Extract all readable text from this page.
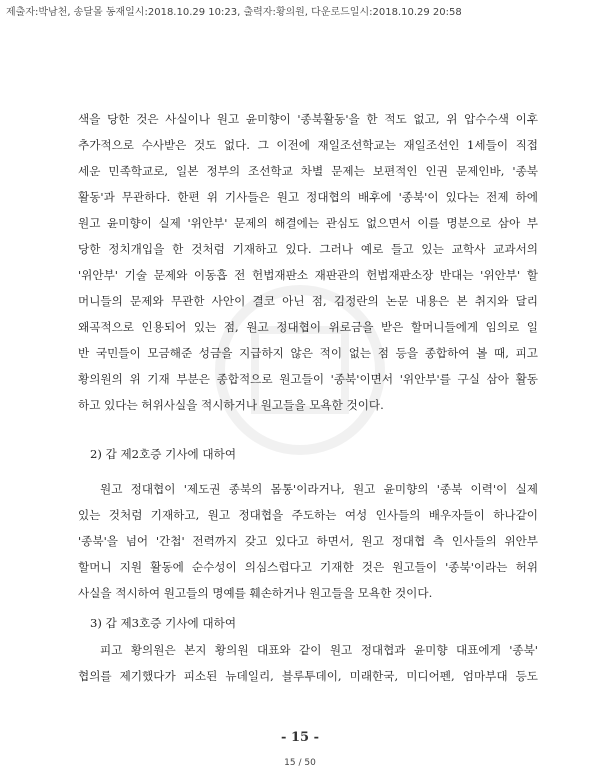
제출자:박남천, 송달몰 동재일시:2018.10.29 10:23, 출력자:황의원, 다운로드일시:2018.10.29 20:58
색을 당한 것은 사실이나 원고 윤미향이 '종북활동'을 한 적도 없고, 위 압수수색 이후
추가적으로 수사받은 것도 없다. 그 이전에 재일조선학교는 재일조선인 1세들이 직접
세운 민족학교로, 일본 정부의 조선학교 차별 문제는 보편적인 인권 문제인바, '종북
활동'과 무관하다. 한편 위 기사들은 원고 정대협의 배후에 '종북'이 있다는 전제 하에
원고 윤미향이 실제 '위안부' 문제의 해결에는 관심도 없으면서 이를 명분으로 삼아 부
당한 정치개입을 한 것처럼 기재하고 있다. 그러나 예로 들고 있는 교학사 교과서의
'위안부' 기술 문제와 이동흡 전 헌법재판소 재판관의 헌법재판소장 반대는 '위안부' 할
머니들의 문제와 무관한 사안이 결코 아닌 점, 김정란의 논문 내용은 본 취지와 달리
왜곡적으로 인용되어 있는 점, 원고 정대협이 위로금을 받은 할머니들에게 임의로 일
반 국민들이 모금해준 성금을 지급하지 않은 적이 없는 점 등을 종합하여 볼 때, 피고
황의원의 위 기재 부분은 종합적으로 원고들이 '종북'이면서 '위안부'를 구실 삼아 활동
하고 있다는 허위사실을 적시하거나 원고들을 모욕한 것이다.
2) 갑 제2호증 기사에 대하여
원고 정대협이 '제도권 종북의 몸통'이라거나, 원고 윤미향의 '종북 이력'이 실제
있는 것처럼 기재하고, 원고 정대협을 주도하는 여성 인사들의 배우자들이 하나같이
'종북'을 넘어 '간첩' 전력까지 갖고 있다고 하면서, 원고 정대협 측 인사들의 위안부
할머니 지원 활동에 순수성이 의심스럽다고 기재한 것은 원고들이 '종북'이라는 허위
사실을 적시하여 원고들의 명예를 훼손하거나 원고들을 모욕한 것이다.
3) 갑 제3호증 기사에 대하여
피고 황의원은 본지 황의원 대표와 같이 원고 정대협과 윤미향 대표에게 '종북'
협의를 제기했다가 피소된 뉴데일리, 블루투데이, 미래한국, 미디어펜, 엄마부대 등도
- 15 -
15 / 50
